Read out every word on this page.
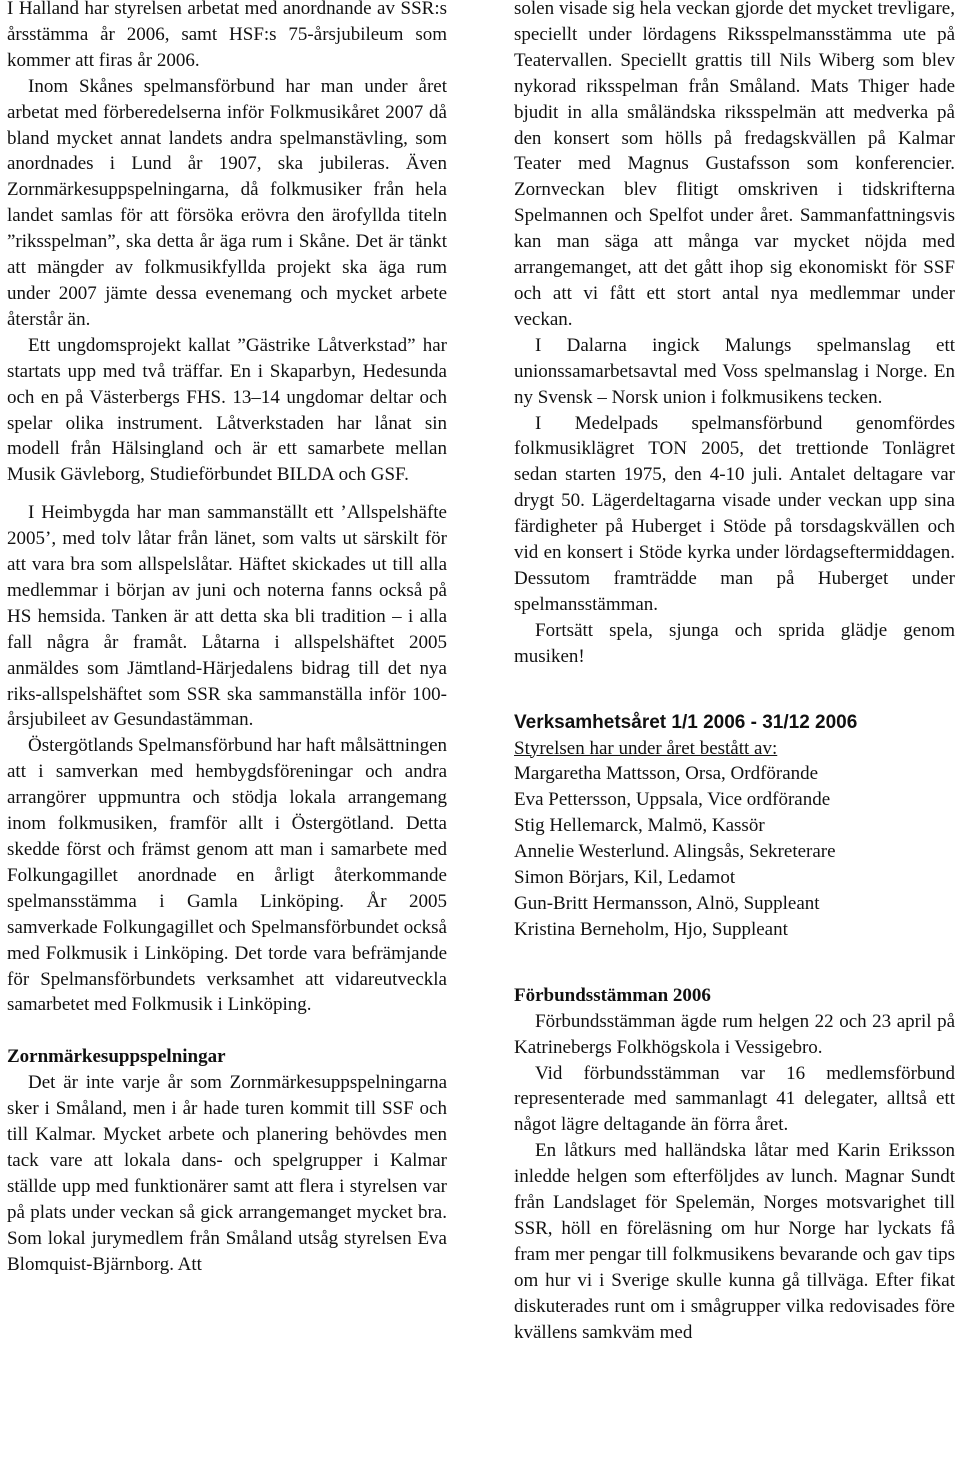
I Halland har styrelsen arbetat med anordnande av SSR:s årsstämma år 2006, samt HSF:s 75-årsjubileum som kommer att firas år 2006.

Inom Skånes spelmansförbund har man under året arbetat med förberedelserna inför Folkmusikåret 2007 då bland mycket annat landets andra spelmanstävling, som anordnades i Lund år 1907, ska jubileras. Även Zornmärkesuppspelningarna, då folkmusiker från hela landet samlas för att försöka erövra den ärofyllda titeln ”riksspelman”, ska detta år äga rum i Skåne. Det är tänkt att mängder av folkmusikfyllda projekt ska äga rum under 2007 jämte dessa evenemang och mycket arbete återstår än.

Ett ungdomsprojekt kallat ”Gästrike Låtverkstad” har startats upp med två träffar. En i Skaparbyn, Hedesunda och en på Västerbergs FHS. 13–14 ungdomar deltar och spelar olika instrument. Låtverkstaden har lånat sin modell från Hälsingland och är ett samarbete mellan Musik Gävleborg, Studieförbundet BILDA och GSF.

I Heimbygda har man sammanställt ett ’Allspelshäfte 2005’, med tolv låtar från länet, som valts ut särskilt för att vara bra som allspelslåtar. Häftet skickades ut till alla medlemmar i början av juni och noterna fanns också på HS hemsida. Tanken är att detta ska bli tradition – i alla fall några år framåt. Låtarna i allspelshäftet 2005 anmäldes som Jämtland-Härjedalens bidrag till det nya riks-allspelshäftet som SSR ska sammanställa inför 100-årsjubileet av Gesundastämman.

Östergötlands Spelmansförbund har haft målsättningen att i samverkan med hembygdsföreningar och andra arrangörer uppmuntra och stödja lokala arrangemang inom folkmusiken, framför allt i Östergötland. Detta skedde först och främst genom att man i samarbete med Folkungagillet anordnade en årligt återkommande spelmansstämma i Gamla Linköping. År 2005 samverkade Folkungagillet och Spelmansförbundet också med Folkmusik i Linköping. Det torde vara befrämjande för Spelmansförbundets verksamhet att vidareutveckla samarbetet med Folkmusik i Linköping.

Zornmärkesuppspelningar

Det är inte varje år som Zornmärkesuppspelningarna sker i Småland, men i år hade turen kommit till SSF och till Kalmar. Mycket arbete och planering behövdes men tack vare att lokala dans- och spelgrupper i Kalmar ställde upp med funktionärer samt att flera i styrelsen var på plats under veckan så gick arrangemanget mycket bra. Som lokal jurymedlem från Småland utsåg styrelsen Eva Blomquist-Bjärnborg. Att

solen visade sig hela veckan gjorde det mycket trevligare, speciellt under lördagens Riksspelmansstämma ute på Teatervallen. Speciellt grattis till Nils Wiberg som blev nykorad riksspelman från Småland. Mats Thiger hade bjudit in alla småländska riksspelmän att medverka på den konsert som hölls på fredagskvällen på Kalmar Teater med Magnus Gustafsson som konferencier. Zornveckan blev flitigt omskriven i tidskrifterna Spelmannen och Spelfot under året. Sammanfattningsvis kan man säga att många var mycket nöjda med arrangemanget, att det gått ihop sig ekonomiskt för SSF och att vi fått ett stort antal nya medlemmar under veckan.

I Dalarna ingick Malungs spelmanslag ett unionssamarbetsavtal med Voss spelmanslag i Norge. En ny Svensk – Norsk union i folkmusikens tecken.

I Medelpads spelmansförbund genomfördes folkmusiklägret TON 2005, det trettionde Tonlägret sedan starten 1975, den 4-10 juli. Antalet deltagare var drygt 50. Lägerdeltagarna visade under veckan upp sina färdigheter på Huberget i Stöde på torsdagskvällen och vid en konsert i Stöde kyrka under lördagseftermiddagen. Dessutom framträdde man på Huberget under spelmansstämman.

Fortsätt spela, sjunga och sprida glädje genom musiken!

Verksamhetsåret 1/1 2006 - 31/12 2006

Styrelsen har under året bestått av:

Margaretha Mattsson, Orsa, Ordförande
Eva Pettersson, Uppsala, Vice ordförande
Stig Hellemarck, Malmö, Kassör
Annelie Westerlund. Alingsås, Sekreterare
Simon Börjars, Kil, Ledamot
Gun-Britt Hermansson, Alnö, Suppleant
Kristina Berneholm, Hjo, Suppleant
Förbundsstämman 2006

Förbundsstämman ägde rum helgen 22 och 23 april på Katrinebergs Folkhögskola i Vessigebro.

Vid förbundsstämman var 16 medlemsförbund representerade med sammanlagt 41 delegater, alltså ett något lägre deltagande än förra året.

En låtkurs med halländska låtar med Karin Eriksson inledde helgen som efterföljdes av lunch. Magnar Sundt från Landslaget för Spelemän, Norges motsvarighet till SSR, höll en föreläsning om hur Norge har lyckats få fram mer pengar till folkmusikens bevarande och gav tips om hur vi i Sverige skulle kunna gå tillväga. Efter fikat diskuterades runt om i smågrupper vilka redovisades före kvällens samkväm med
